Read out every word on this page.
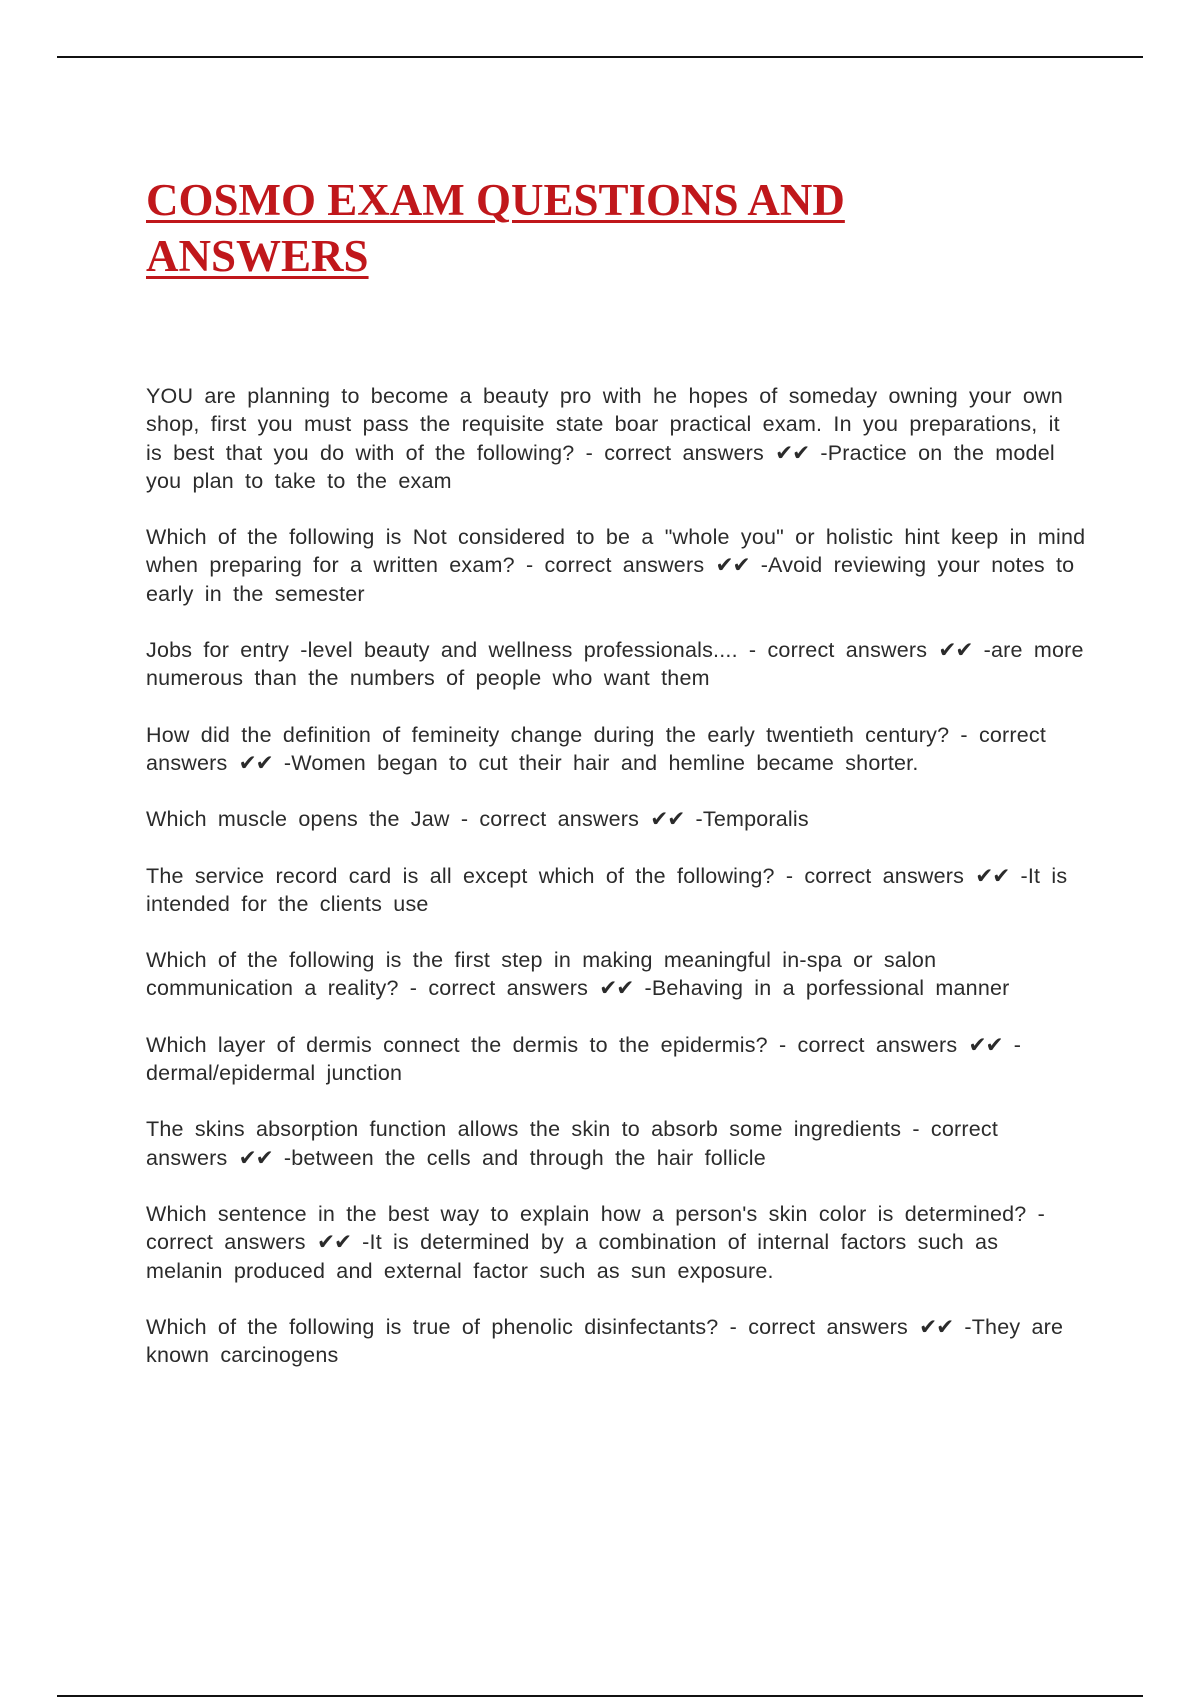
COSMO EXAM QUESTIONS AND ANSWERS

YOU are planning to become a beauty pro with he hopes of someday owning your own shop, first you must pass the requisite state boar practical exam. In you preparations, it is best that you do with of the following? - correct answers ✔✔ -Practice on the model you plan to take to the exam

Which of the following is Not considered to be a "whole you" or holistic hint keep in mind when preparing for a written exam? - correct answers ✔✔ -Avoid reviewing your notes to early in the semester

Jobs for entry -level beauty and wellness professionals.... - correct answers ✔✔ -are more numerous than the numbers of people who want them

How did the definition of femineity change during the early twentieth century? - correct answers ✔✔ -Women began to cut their hair and hemline became shorter.

Which muscle opens the Jaw - correct answers ✔✔ -Temporalis

The service record card is all except which of the following? - correct answers ✔✔ -It is intended for the clients use

Which of the following is the first step in making meaningful in-spa or salon communication a reality? - correct answers ✔✔ -Behaving in a porfessional manner

Which layer of dermis connect the dermis to the epidermis? - correct answers ✔✔ -dermal/epidermal junction

The skins absorption function allows the skin to absorb some ingredients - correct answers ✔✔ -between the cells and through the hair follicle

Which sentence in the best way to explain how a person's skin color is determined? - correct answers ✔✔ -It is determined by a combination of internal factors such as melanin produced and external factor such as sun exposure.

Which of the following is true of phenolic disinfectants? - correct answers ✔✔ -They are known carcinogens
